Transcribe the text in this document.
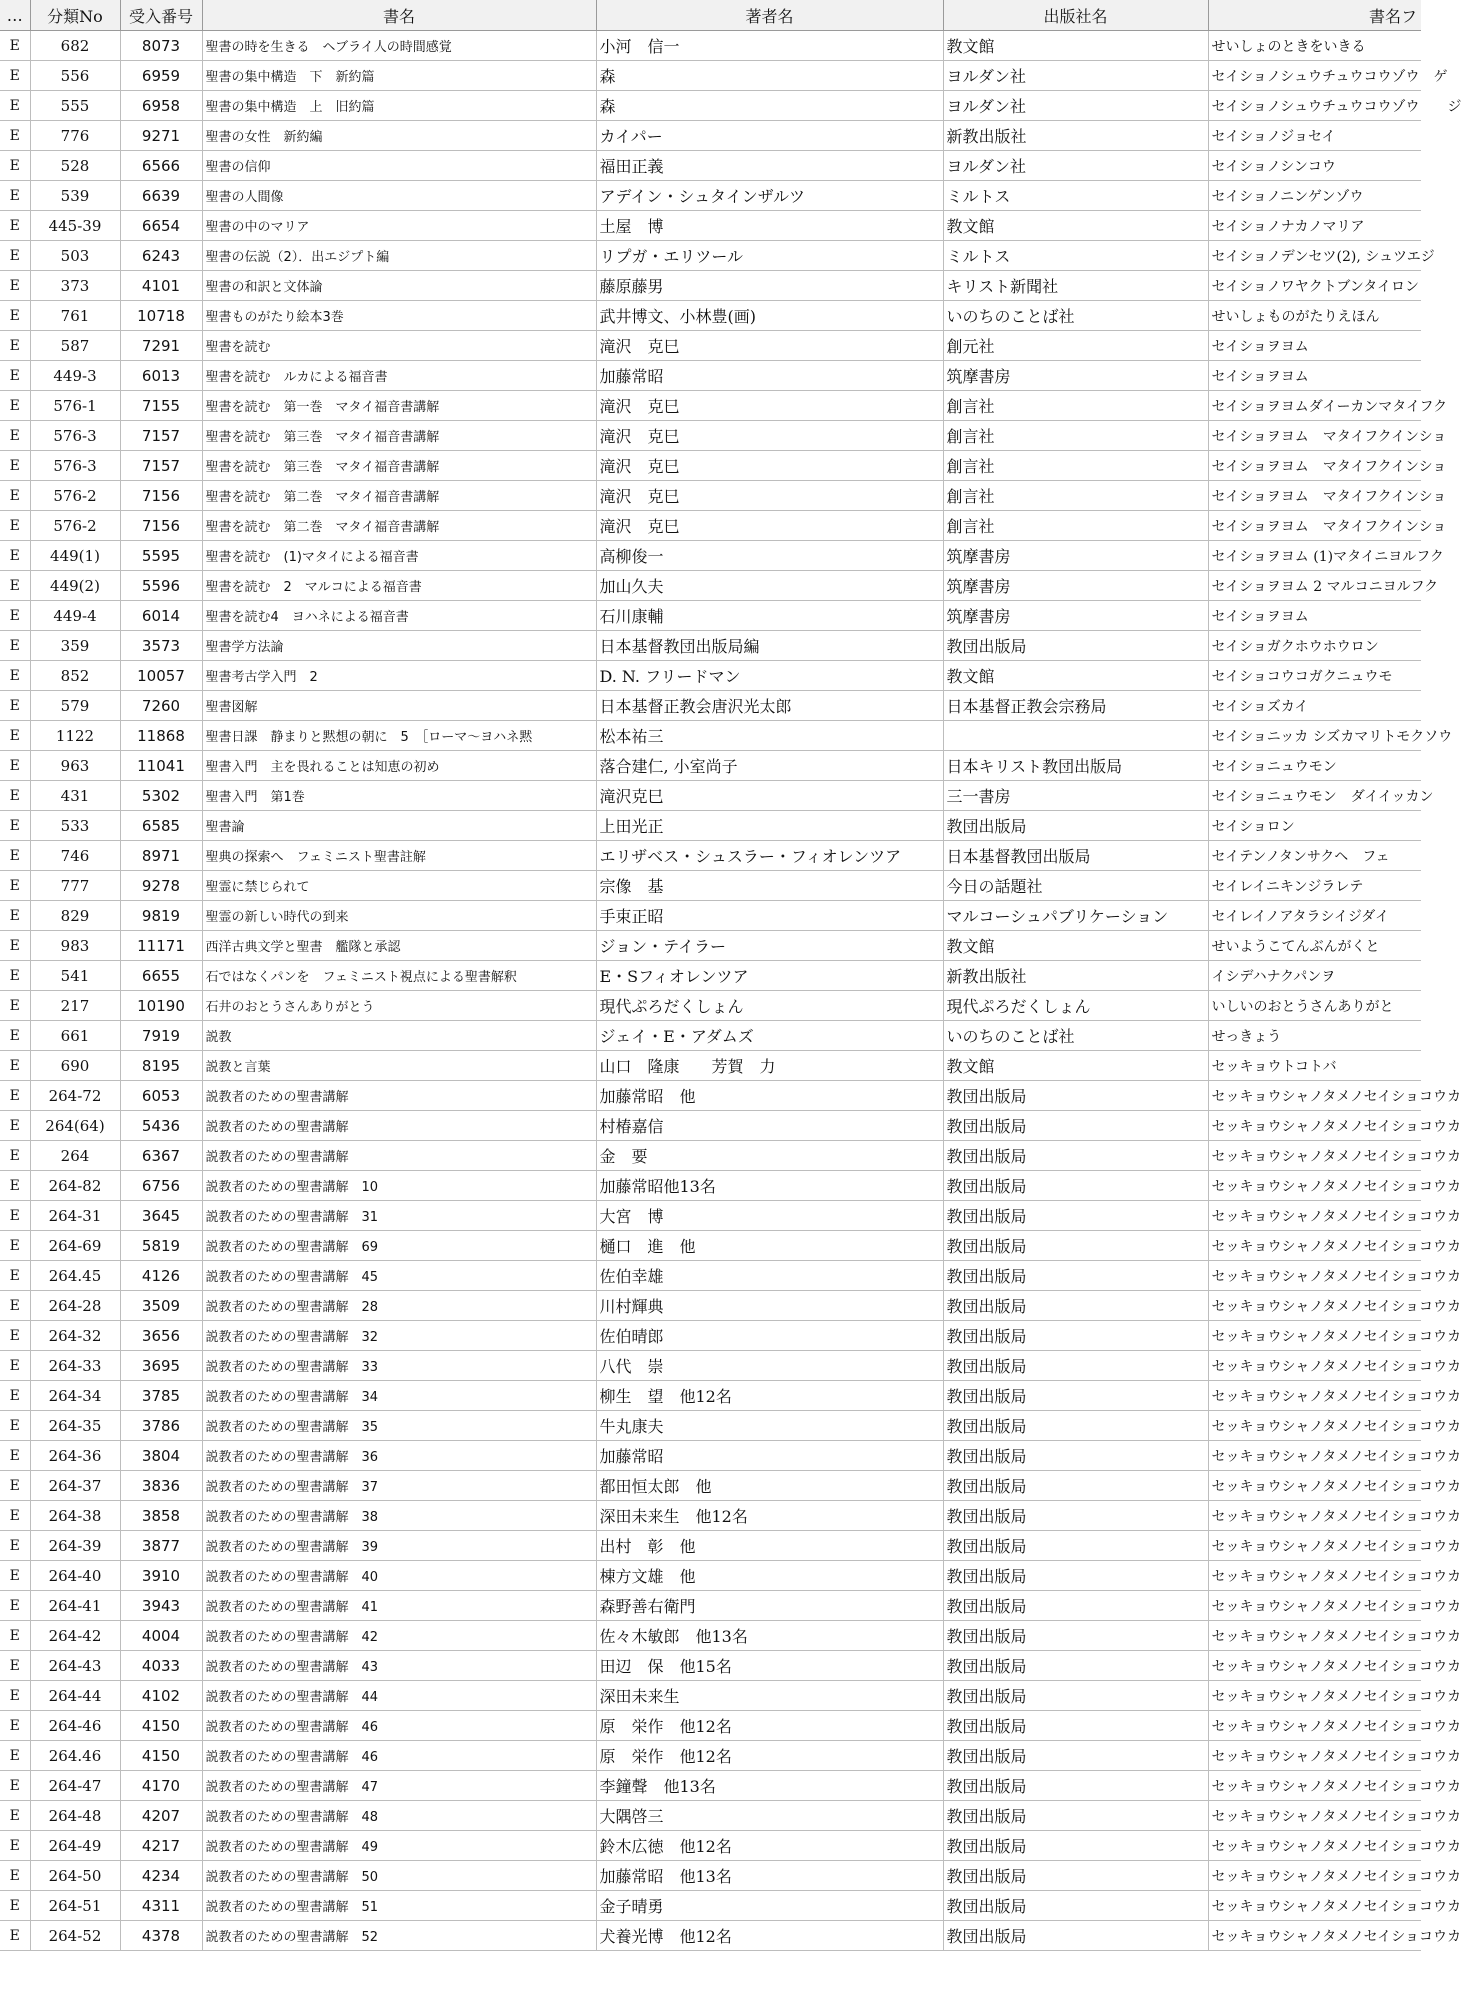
…	分類No	受入番号	書名	著者名	出版社名	書名フ
E	682	8073	聖書の時を生きる　ヘブライ人の時間感覚	小河　信一	教文館	せいしょのときをいきる
E	556	6959	聖書の集中構造　下　新約篇	森	ヨルダン社	セイショノシュウチュウコウゾウ　ゲ
E	555	6958	聖書の集中構造　上　旧約篇	森	ヨルダン社	セイショノシュウチュウコウゾウ　　ジ
E	776	9271	聖書の女性　新約編	カイパー	新教出版社	セイショノジョセイ
E	528	6566	聖書の信仰	福田正義	ヨルダン社	セイショノシンコウ
E	539	6639	聖書の人間像	アデイン・シュタインザルツ	ミルトス	セイショノニンゲンゾウ
E	445-39	6654	聖書の中のマリア	土屋　博	教文館	セイショノナカノマリア
E	503	6243	聖書の伝説（2）．出エジプト編	リプガ・エリツール	ミルトス	セイショノデンセツ(2), シュツエジ
E	373	4101	聖書の和訳と文体論	藤原藤男	キリスト新聞社	セイショノワヤクトブンタイロン
E	761	10718	聖書ものがたり絵本3巻	武井博文、小林豊(画)	いのちのことば社	せいしょものがたりえほん
E	587	7291	聖書を読む	滝沢　克巳	創元社	セイショヲヨム
E	449-3	6013	聖書を読む　ルカによる福音書	加藤常昭	筑摩書房	セイショヲヨム
E	576-1	7155	聖書を読む　第一巻　マタイ福音書講解	滝沢　克巳	創言社	セイショヲヨムダイーカンマタイフク
E	576-3	7157	聖書を読む　第三巻　マタイ福音書講解	滝沢　克巳	創言社	セイショヲヨム　マタイフクインショ
E	576-3	7157	聖書を読む　第三巻　マタイ福音書講解	滝沢　克巳	創言社	セイショヲヨム　マタイフクインショ
E	576-2	7156	聖書を読む　第二巻　マタイ福音書講解	滝沢　克巳	創言社	セイショヲヨム　マタイフクインショ
E	576-2	7156	聖書を読む　第二巻　マタイ福音書講解	滝沢　克巳	創言社	セイショヲヨム　マタイフクインショ
E	449(1)	5595	聖書を読む　(1)マタイによる福音書	高柳俊一	筑摩書房	セイショヲヨム (1)マタイニヨルフク
E	449(2)	5596	聖書を読む　2　マルコによる福音書	加山久夫	筑摩書房	セイショヲヨム 2 マルコニヨルフク
E	449-4	6014	聖書を読む4　ヨハネによる福音書	石川康輔	筑摩書房	セイショヲヨム
E	359	3573	聖書学方法論	日本基督教団出版局編	教団出版局	セイショガクホウホウロン
E	852	10057	聖書考古学入門　2	D. N. フリードマン	教文館	セイショコウコガクニュウモ
E	579	7260	聖書図解	日本基督正教会唐沢光太郎	日本基督正教会宗務局	セイショズカイ
E	1122	11868	聖書日課　静まりと黙想の朝に　5　［ローマ～ヨハネ黙	松本祐三		セイショニッカ シズカマリトモクソウ
E	963	11041	聖書入門　主を畏れることは知恵の初め	落合建仁, 小室尚子	日本キリスト教団出版局	セイショニュウモン
E	431	5302	聖書入門　第1巻	滝沢克巳	三一書房	セイショニュウモン　ダイイッカン
E	533	6585	聖書論	上田光正	教団出版局	セイショロン
E	746	8971	聖典の探索へ　フェミニスト聖書註解	エリザベス・シュスラー・フィオレンツア	日本基督教団出版局	セイテンノタンサクヘ　フェ
E	777	9278	聖霊に禁じられて	宗像　基	今日の話題社	セイレイニキンジラレテ
E	829	9819	聖霊の新しい時代の到来	手束正昭	マルコーシュパブリケーション	セイレイノアタラシイジダイ
E	983	11171	西洋古典文学と聖書　艦隊と承認	ジョン・テイラー	教文館	せいようこてんぶんがくと
E	541	6655	石ではなくパンを　フェミニスト視点による聖書解釈	E・Sフィオレンツア	新教出版社	イシデハナクパンヲ
E	217	10190	石井のおとうさんありがとう	現代ぷろだくしょん	現代ぷろだくしょん	いしいのおとうさんありがと
E	661	7919	説教	ジェイ・E・アダムズ	いのちのことば社	せっきょう
E	690	8195	説教と言葉	山口　隆康　　芳賀　力	教文館	セッキョウトコトバ
E	264-72	6053	説教者のための聖書講解	加藤常昭　他	教団出版局	セッキョウシャノタメノセイショコウカ
E	264(64)	5436	説教者のための聖書講解	村椿嘉信	教団出版局	セッキョウシャノタメノセイショコウカ
E	264	6367	説教者のための聖書講解	金　要	教団出版局	セッキョウシャノタメノセイショコウカ
E	264-82	6756	説教者のための聖書講解　10	加藤常昭他13名	教団出版局	セッキョウシャノタメノセイショコウカ
E	264-31	3645	説教者のための聖書講解　31	大宮　博	教団出版局	セッキョウシャノタメノセイショコウカ
E	264-69	5819	説教者のための聖書講解　69	樋口　進　他	教団出版局	セッキョウシャノタメノセイショコウカ
E	264.45	4126	説教者のための聖書講解　45	佐伯幸雄	教団出版局	セッキョウシャノタメノセイショコウカ
E	264-28	3509	説教者のための聖書講解　28	川村輝典	教団出版局	セッキョウシャノタメノセイショコウカ
E	264-32	3656	説教者のための聖書講解　32	佐伯晴郎	教団出版局	セッキョウシャノタメノセイショコウカ
E	264-33	3695	説教者のための聖書講解　33	八代　崇	教団出版局	セッキョウシャノタメノセイショコウカ
E	264-34	3785	説教者のための聖書講解　34	柳生　望　他12名	教団出版局	セッキョウシャノタメノセイショコウカ
E	264-35	3786	説教者のための聖書講解　35	牛丸康夫	教団出版局	セッキョウシャノタメノセイショコウカ
E	264-36	3804	説教者のための聖書講解　36	加藤常昭	教団出版局	セッキョウシャノタメノセイショコウカ
E	264-37	3836	説教者のための聖書講解　37	都田恒太郎　他	教団出版局	セッキョウシャノタメノセイショコウカ
E	264-38	3858	説教者のための聖書講解　38	深田未来生　他12名	教団出版局	セッキョウシャノタメノセイショコウカ
E	264-39	3877	説教者のための聖書講解　39	出村　彰　他	教団出版局	セッキョウシャノタメノセイショコウカ
E	264-40	3910	説教者のための聖書講解　40	棟方文雄　他	教団出版局	セッキョウシャノタメノセイショコウカ
E	264-41	3943	説教者のための聖書講解　41	森野善右衛門	教団出版局	セッキョウシャノタメノセイショコウカ
E	264-42	4004	説教者のための聖書講解　42	佐々木敏郎　他13名	教団出版局	セッキョウシャノタメノセイショコウカ
E	264-43	4033	説教者のための聖書講解　43	田辺　保　他15名	教団出版局	セッキョウシャノタメノセイショコウカ
E	264-44	4102	説教者のための聖書講解　44	深田未来生	教団出版局	セッキョウシャノタメノセイショコウカ
E	264-46	4150	説教者のための聖書講解　46	原　栄作　他12名	教団出版局	セッキョウシャノタメノセイショコウカ
E	264.46	4150	説教者のための聖書講解　46	原　栄作　他12名	教団出版局	セッキョウシャノタメノセイショコウカ
E	264-47	4170	説教者のための聖書講解　47	李鐘聲　他13名	教団出版局	セッキョウシャノタメノセイショコウカ
E	264-48	4207	説教者のための聖書講解　48	大隅啓三	教団出版局	セッキョウシャノタメノセイショコウカ
E	264-49	4217	説教者のための聖書講解　49	鈴木広徳　他12名	教団出版局	セッキョウシャノタメノセイショコウカ
E	264-50	4234	説教者のための聖書講解　50	加藤常昭　他13名	教団出版局	セッキョウシャノタメノセイショコウカ
E	264-51	4311	説教者のための聖書講解　51	金子晴勇	教団出版局	セッキョウシャノタメノセイショコウカ
E	264-52	4378	説教者のための聖書講解　52	犬養光博　他12名	教団出版局	セッキョウシャノタメノセイショコウカ
